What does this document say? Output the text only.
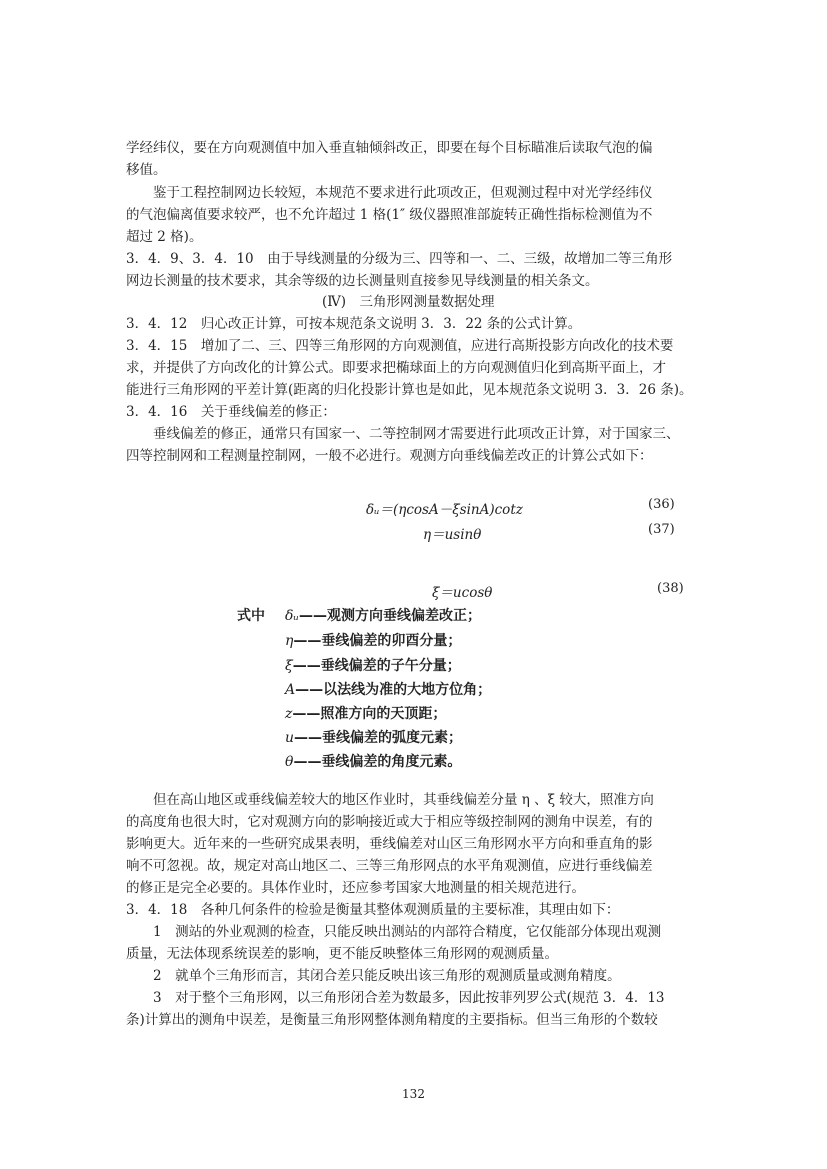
学经纬仪，要在方向观测值中加入垂直轴倾斜改正，即要在每个目标瞄准后读取气泡的偏
移值。
　　鉴于工程控制网边长较短，本规范不要求进行此项改正，但观测过程中对光学经纬仪
的气泡偏离值要求较严，也不允许超过 1 格(1″ 级仪器照准部旋转正确性指标检测值为不
超过 2 格)。
3．4．9、3．4．10　由于导线测量的分级为三、四等和一、二、三级，故增加二等三角形
网边长测量的技术要求，其余等级的边长测量则直接参见导线测量的相关条文。
(Ⅳ)　三角形网测量数据处理
3．4．12　归心改正计算，可按本规范条文说明 3．3．22 条的公式计算。
3．4．15　增加了二、三、四等三角形网的方向观测值，应进行高斯投影方向改化的技术要
求，并提供了方向改化的计算公式。即要求把椭球面上的方向观测值归化到高斯平面上，才
能进行三角形网的平差计算(距离的归化投影计算也是如此，见本规范条文说明 3．3．26 条)。
3．4．16　关于垂线偏差的修正：
　　垂线偏差的修正，通常只有国家一、二等控制网才需要进行此项改正计算，对于国家三、
四等控制网和工程测量控制网，一般不必进行。观测方向垂线偏差改正的计算公式如下：
δᵤ＝(ηcosA－ξsinA)cotz	(36)
η＝usinθ	(37)
ξ＝ucosθ	(38)
式中 δᵤ——观测方向垂线偏差改正；
η——垂线偏差的卯酉分量；
ξ——垂线偏差的子午分量；
A——以法线为准的大地方位角；
z——照准方向的天顶距；
u——垂线偏差的弧度元素；
θ——垂线偏差的角度元素。
　　但在高山地区或垂线偏差较大的地区作业时，其垂线偏差分量 η 、ξ 较大，照准方向
的高度角也很大时，它对观测方向的影响接近或大于相应等级控制网的测角中误差，有的
影响更大。近年来的一些研究成果表明，垂线偏差对山区三角形网水平方向和垂直角的影
响不可忽视。故，规定对高山地区二、三等三角形网点的水平角观测值，应进行垂线偏差
的修正是完全必要的。具体作业时，还应参考国家大地测量的相关规范进行。
3．4．18　各种几何条件的检验是衡量其整体观测质量的主要标准，其理由如下：
　　1　测站的外业观测的检查，只能反映出测站的内部符合精度，它仅能部分体现出观测
质量，无法体现系统误差的影响，更不能反映整体三角形网的观测质量。
　　2　就单个三角形而言，其闭合差只能反映出该三角形的观测质量或测角精度。
　　3　对于整个三角形网，以三角形闭合差为数最多，因此按菲列罗公式(规范 3．4．13
条)计算出的测角中误差，是衡量三角形网整体测角精度的主要指标。但当三角形的个数较
132
